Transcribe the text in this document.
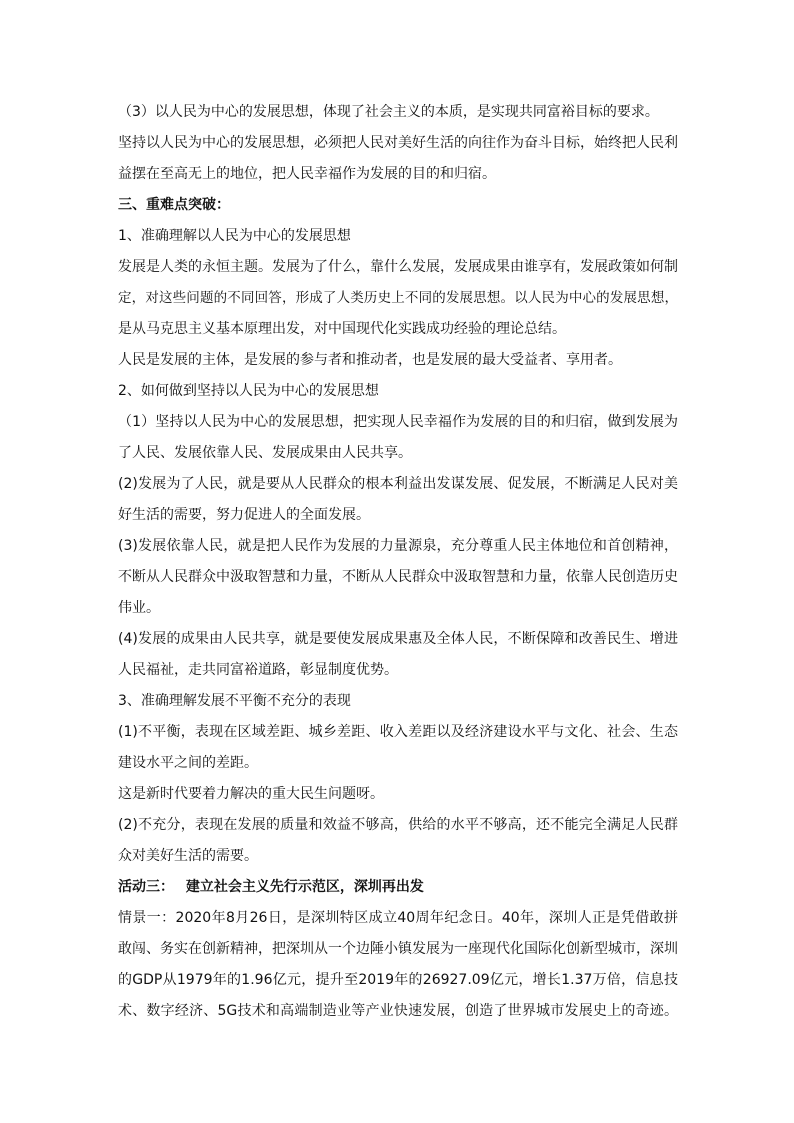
（3）以人民为中心的发展思想，体现了社会主义的本质，是实现共同富裕目标的要求。
坚持以人民为中心的发展思想，必须把人民对美好生活的向往作为奋斗目标，始终把人民利
益摆在至高无上的地位，把人民幸福作为发展的目的和归宿。
三、重难点突破：
1、准确理解以人民为中心的发展思想
发展是人类的永恒主题。发展为了什么，靠什么发展，发展成果由谁享有，发展政策如何制
定，对这些问题的不同回答，形成了人类历史上不同的发展思想。以人民为中心的发展思想，
是从马克思主义基本原理出发，对中国现代化实践成功经验的理论总结。
人民是发展的主体，是发展的参与者和推动者，也是发展的最大受益者、享用者。
2、如何做到坚持以人民为中心的发展思想
（1）坚持以人民为中心的发展思想，把实现人民幸福作为发展的目的和归宿，做到发展为
了人民、发展依靠人民、发展成果由人民共享。
(2)发展为了人民，就是要从人民群众的根本利益出发谋发展、促发展，不断满足人民对美
好生活的需要，努力促进人的全面发展。
(3)发展依靠人民，就是把人民作为发展的力量源泉，充分尊重人民主体地位和首创精神，
不断从人民群众中汲取智慧和力量，不断从人民群众中汲取智慧和力量，依靠人民创造历史
伟业。
(4)发展的成果由人民共享，就是要使发展成果惠及全体人民，不断保障和改善民生、增进
人民福祉，走共同富裕道路，彰显制度优势。
3、准确理解发展不平衡不充分的表现
(1)不平衡，表现在区域差距、城乡差距、收入差距以及经济建设水平与文化、社会、生态
建设水平之间的差距。
这是新时代要着力解决的重大民生问题呀。
(2)不充分，表现在发展的质量和效益不够高，供给的水平不够高，还不能完全满足人民群
众对美好生活的需要。
活动三：　 建立社会主义先行示范区，深圳再出发
情景一：2020年8月26日，是深圳特区成立40周年纪念日。40年，深圳人正是凭借敢拼
敢闯、务实在创新精神，把深圳从一个边陲小镇发展为一座现代化国际化创新型城市，深圳
的GDP从1979年的1.96亿元，提升至2019年的26927.09亿元，增长1.37万倍，信息技
术、数字经济、5G技术和高端制造业等产业快速发展，创造了世界城市发展史上的奇迹。
